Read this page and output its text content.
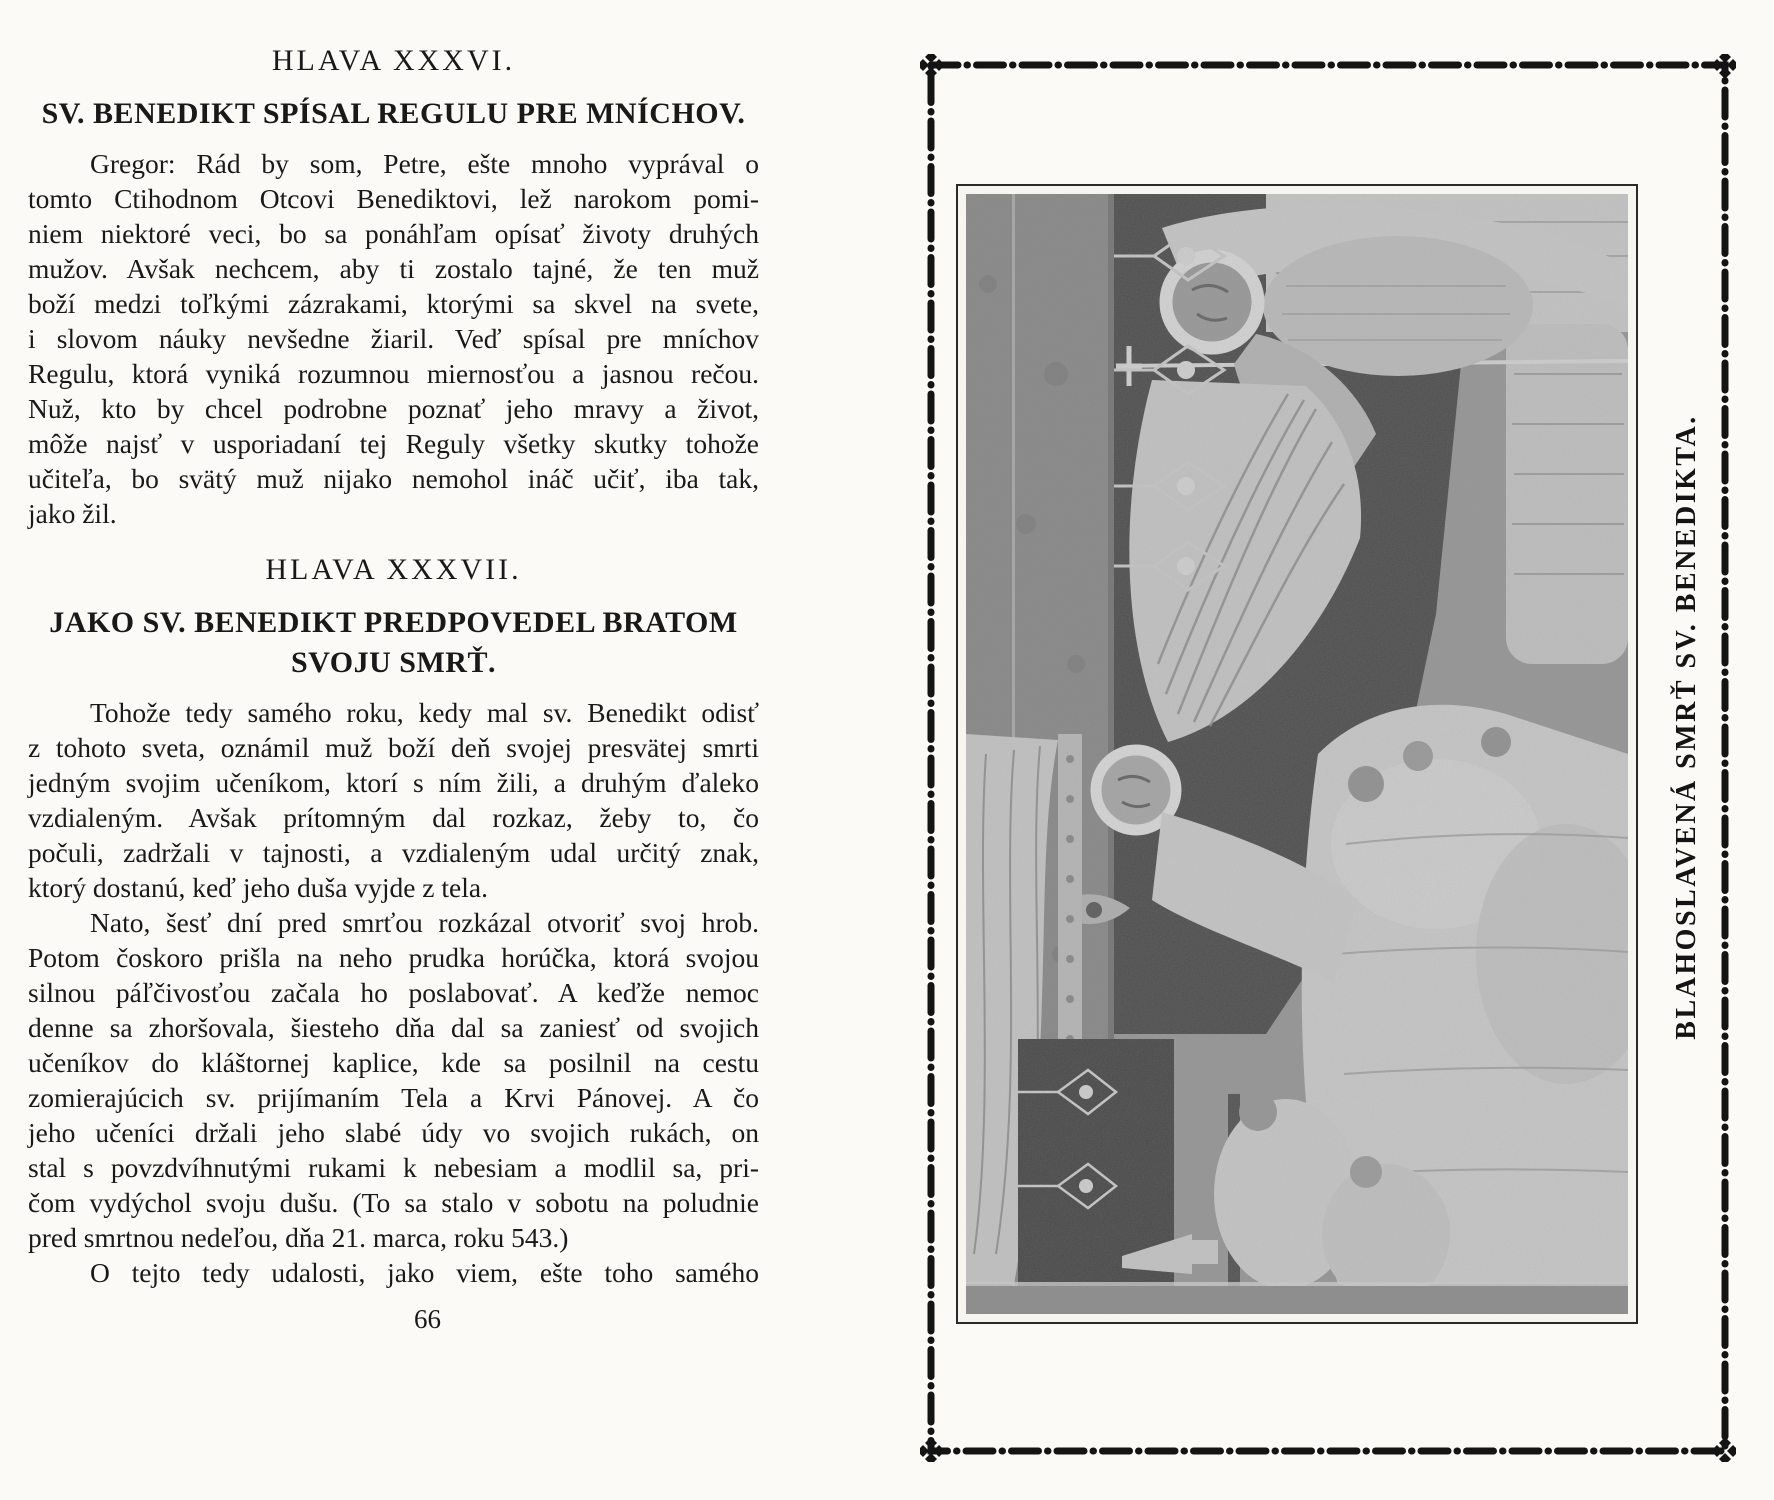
HLAVA XXXVI.
SV. BENEDIKT SPÍSAL REGULU PRE MNÍCHOV.
Gregor: Rád by som, Petre, ešte mnoho vyprával o
tomto Ctihodnom Otcovi Benediktovi, lež narokom pomi-
niem niektoré veci, bo sa ponáhľam opísať životy druhých
mužov. Avšak nechcem, aby ti zostalo tajné, že ten muž
boží medzi toľkými zázrakami, ktorými sa skvel na svete,
i slovom náuky nevšedne žiaril. Veď spísal pre mníchov
Regulu, ktorá vyniká rozumnou miernosťou a jasnou rečou.
Nuž, kto by chcel podrobne poznať jeho mravy a život,
môže najsť v usporiadaní tej Reguly všetky skutky tohože
učiteľa, bo svätý muž nijako nemohol ináč učiť, iba tak,
jako žil.
HLAVA XXXVII.
JAKO SV. BENEDIKT PREDPOVEDEL BRATOM
SVOJU SMRŤ.
Tohože tedy samého roku, kedy mal sv. Benedikt odisť
z tohoto sveta, oznámil muž boží deň svojej presvätej smrti
jedným svojim učeníkom, ktorí s ním žili, a druhým ďaleko
vzdialeným. Avšak prítomným dal rozkaz, žeby to, čo
počuli, zadržali v tajnosti, a vzdialeným udal určitý znak,
ktorý dostanú, keď jeho duša vyjde z tela.
Nato, šesť dní pred smrťou rozkázal otvoriť svoj hrob.
Potom čoskoro prišla na neho prudka horúčka, ktorá svojou
silnou páľčivosťou začala ho poslabovať. A keďže nemoc
denne sa zhoršovala, šiesteho dňa dal sa zaniesť od svojich
učeníkov do kláštornej kaplice, kde sa posilnil na cestu
zomierajúcich sv. prijímaním Tela a Krvi Pánovej. A čo
jeho učeníci držali jeho slabé údy vo svojich rukách, on
stal s povzdvíhnutými rukami k nebesiam a modlil sa, pri-
čom vydýchol svoju dušu. (To sa stalo v sobotu na poludnie
pred smrtnou nedeľou, dňa 21. marca, roku 543.)
O tejto tedy udalosti, jako viem, ešte toho samého
66
BLAHOSLAVENÁ SMRŤ SV. BENEDIKTA.
